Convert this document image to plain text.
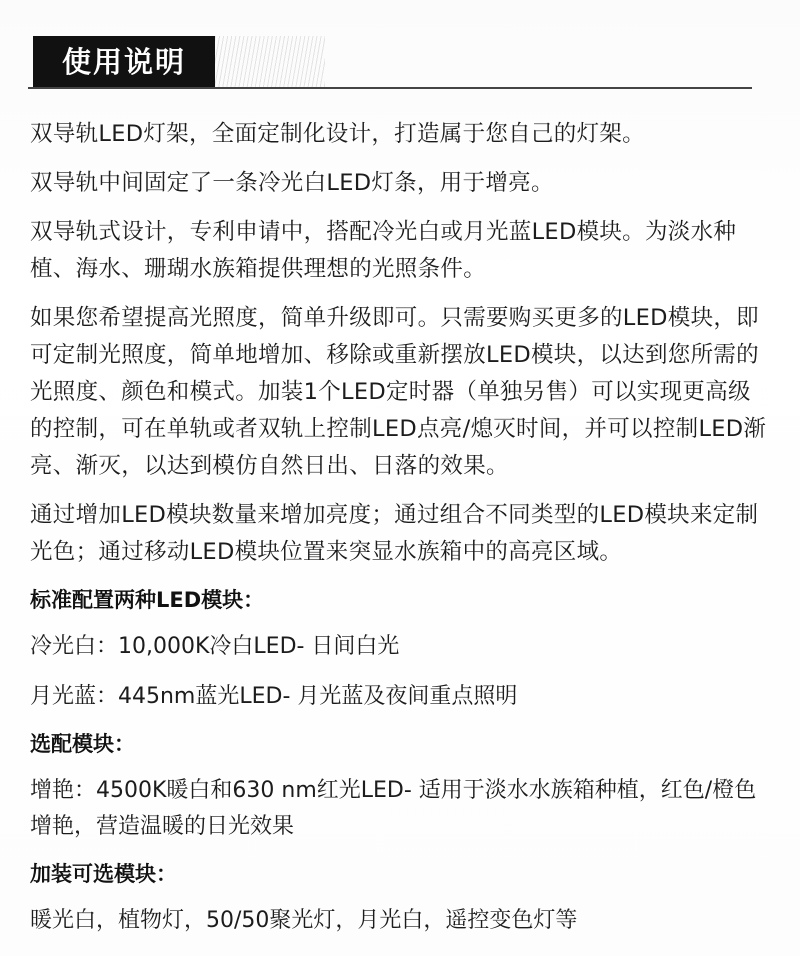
使用说明

双导轨LED灯架，全面定制化设计，打造属于您自己的灯架。

双导轨中间固定了一条冷光白LED灯条，用于增亮。

双导轨式设计，专利申请中，搭配冷光白或月光蓝LED模块。为淡水种植、海水、珊瑚水族箱提供理想的光照条件。

如果您希望提高光照度，简单升级即可。只需要购买更多的LED模块，即可定制光照度，简单地增加、移除或重新摆放LED模块，以达到您所需的光照度、颜色和模式。加装1个LED定时器（单独另售）可以实现更高级的控制，可在单轨或者双轨上控制LED点亮/熄灭时间，并可以控制LED渐亮、渐灭，以达到模仿自然日出、日落的效果。

通过增加LED模块数量来增加亮度；通过组合不同类型的LED模块来定制光色；通过移动LED模块位置来突显水族箱中的高亮区域。

标准配置两种LED模块：
冷光白：10,000K冷白LED- 日间白光
月光蓝：445nm蓝光LED- 月光蓝及夜间重点照明
选配模块：
增艳：4500K暖白和630 nm红光LED- 适用于淡水水族箱种植，红色/橙色增艳，营造温暖的日光效果
加装可选模块：
暖光白，植物灯，50/50聚光灯，月光白，遥控变色灯等
